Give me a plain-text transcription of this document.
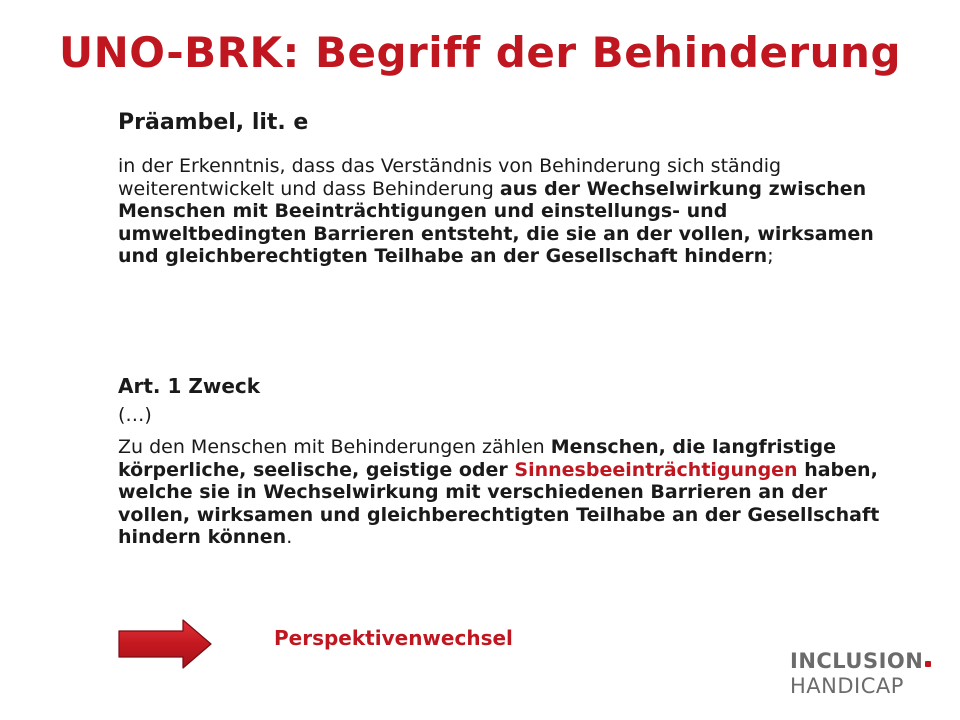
UNO-BRK: Begriff der Behinderung
Präambel, lit. e
in der Erkenntnis, dass das Verständnis von Behinderung sich ständig weiterentwickelt und dass Behinderung aus der Wechselwirkung zwischen Menschen mit Beeinträchtigungen und einstellungs- und umweltbedingten Barrieren entsteht, die sie an der vollen, wirksamen und gleichberechtigten Teilhabe an der Gesellschaft hindern;
Art. 1 Zweck
(…)
Zu den Menschen mit Behinderungen zählen Menschen, die langfristige körperliche, seelische, geistige oder Sinnesbeeinträchtigungen haben, welche sie in Wechselwirkung mit verschiedenen Barrieren an der vollen, wirksamen und gleichberechtigten Teilhabe an der Gesellschaft hindern können.
Perspektivenwechsel
INCLUSION
HANDICAP
